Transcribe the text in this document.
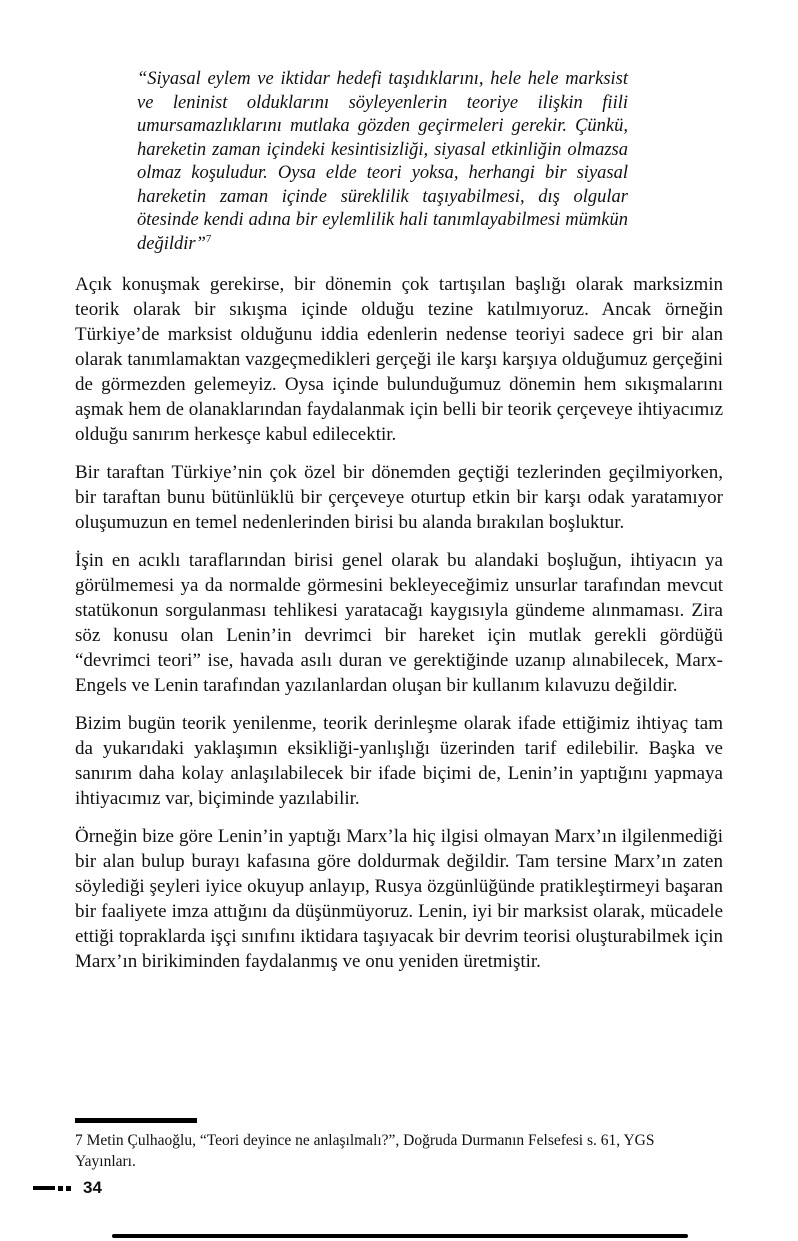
“Siyasal eylem ve iktidar hedefi taşıdıklarını, hele hele marksist ve leninist olduklarını söyleyenlerin teoriye ilişkin fiili umursamazlıklarını mutlaka gözden geçirmeleri gerekir. Çünkü, hareketin zaman içindeki kesintisizliği, siyasal etkinliğin olmazsa olmaz koşuludur. Oysa elde teori yoksa, herhangi bir siyasal hareketin zaman içinde süreklilik taşıyabilmesi, dış olgular ötesinde kendi adına bir eylemlilik hali tanımlayabilmesi mümkün değildir”$^7$

Açık konuşmak gerekirse, bir dönemin çok tartışılan başlığı olarak marksizmin teorik olarak bir sıkışma içinde olduğu tezine katılmıyoruz. Ancak örneğin Türkiye’de marksist olduğunu iddia edenlerin nedense teoriyi sadece gri bir alan olarak tanımlamaktan vazgeçmedikleri gerçeği ile karşı karşıya olduğumuz gerçeğini de görmezden gelemeyiz. Oysa içinde bulunduğumuz dönemin hem sıkışmalarını aşmak hem de olanaklarından faydalanmak için belli bir teorik çerçeveye ihtiyacımız olduğu sanırım herkesçe kabul edilecektir.

Bir taraftan Türkiye’nin çok özel bir dönemden geçtiği tezlerinden geçilmiyorken, bir taraftan bunu bütünlüklü bir çerçeveye oturtup etkin bir karşı odak yaratamıyor oluşumuzun en temel nedenlerinden birisi bu alanda bırakılan boşluktur.

İşin en acıklı taraflarından birisi genel olarak bu alandaki boşluğun, ihtiyacın ya görülmemesi ya da normalde görmesini bekleyeceğimiz unsurlar tarafından mevcut statükonun sorgulanması tehlikesi yaratacağı kaygısıyla gündeme alınmaması. Zira söz konusu olan Lenin’in devrimci bir hareket için mutlak gerekli gördüğü “devrimci teori” ise, havada asılı duran ve gerektiğinde uzanıp alınabilecek, Marx-Engels ve Lenin tarafından yazılanlardan oluşan bir kullanım kılavuzu değildir.

Bizim bugün teorik yenilenme, teorik derinleşme olarak ifade ettiğimiz ihtiyaç tam da yukarıdaki yaklaşımın eksikliği-yanlışlığı üzerinden tarif edilebilir. Başka ve sanırım daha kolay anlaşılabilecek bir ifade biçimi de, Lenin’in yaptığını yapmaya ihtiyacımız var, biçiminde yazılabilir.

Örneğin bize göre Lenin’in yaptığı Marx’la hiç ilgisi olmayan Marx’ın ilgilenmediği bir alan bulup burayı kafasına göre doldurmak değildir. Tam tersine Marx’ın zaten söylediği şeyleri iyice okuyup anlayıp, Rusya özgünlüğünde pratikleştirmeyi başaran bir faaliyete imza attığını da düşünmüyoruz. Lenin, iyi bir marksist olarak, mücadele ettiği topraklarda işçi sınıfını iktidara taşıyacak bir devrim teorisi oluşturabilmek için Marx’ın birikiminden faydalanmış ve onu yeniden üretmiştir.

7 Metin Çulhaoğlu, “Teori deyince ne anlaşılmalı?”, Doğruda Durmanın Felsefesi s. 61, YGS Yayınları.

34
